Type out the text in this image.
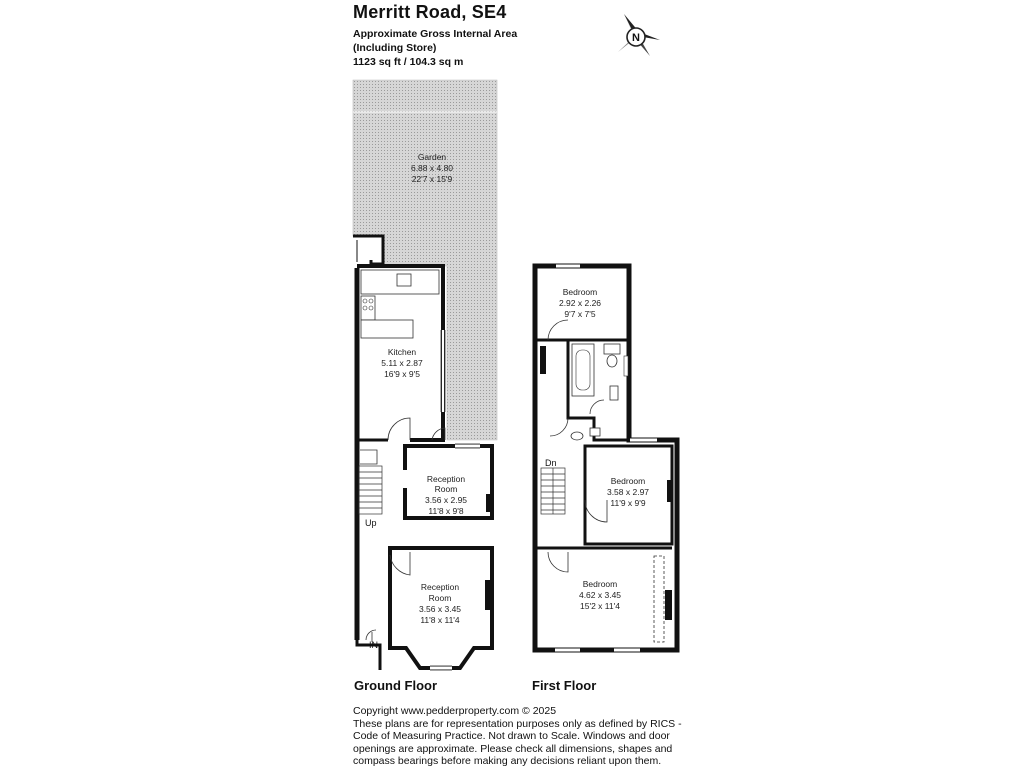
Merritt Road, SE4
Approximate Gross Internal Area
(Including Store)
1123 sq ft / 104.3 sq m
N
Garden
6.88 x 4.80
22'7 x 15'9
Kitchen
5.11 x 2.87
16'9 x 9'5
Up
Reception
Room
3.56 x 2.95
11'8 x 9'8
Reception
Room
3.56 x 3.45
11'8 x 11'4
IN
Bedroom
2.92 x 2.26
9'7 x 7'5
Dn
Bedroom
3.58 x 2.97
11'9 x 9'9
Bedroom
4.62 x 3.45
15'2 x 11'4
Ground Floor	First Floor
Copyright www.pedderproperty.com © 2025
These plans are for representation purposes only as defined by RICS -
Code of Measuring Practice. Not drawn to Scale. Windows and door
openings are approximate. Please check all dimensions, shapes and
compass bearings before making any decisions reliant upon them.
